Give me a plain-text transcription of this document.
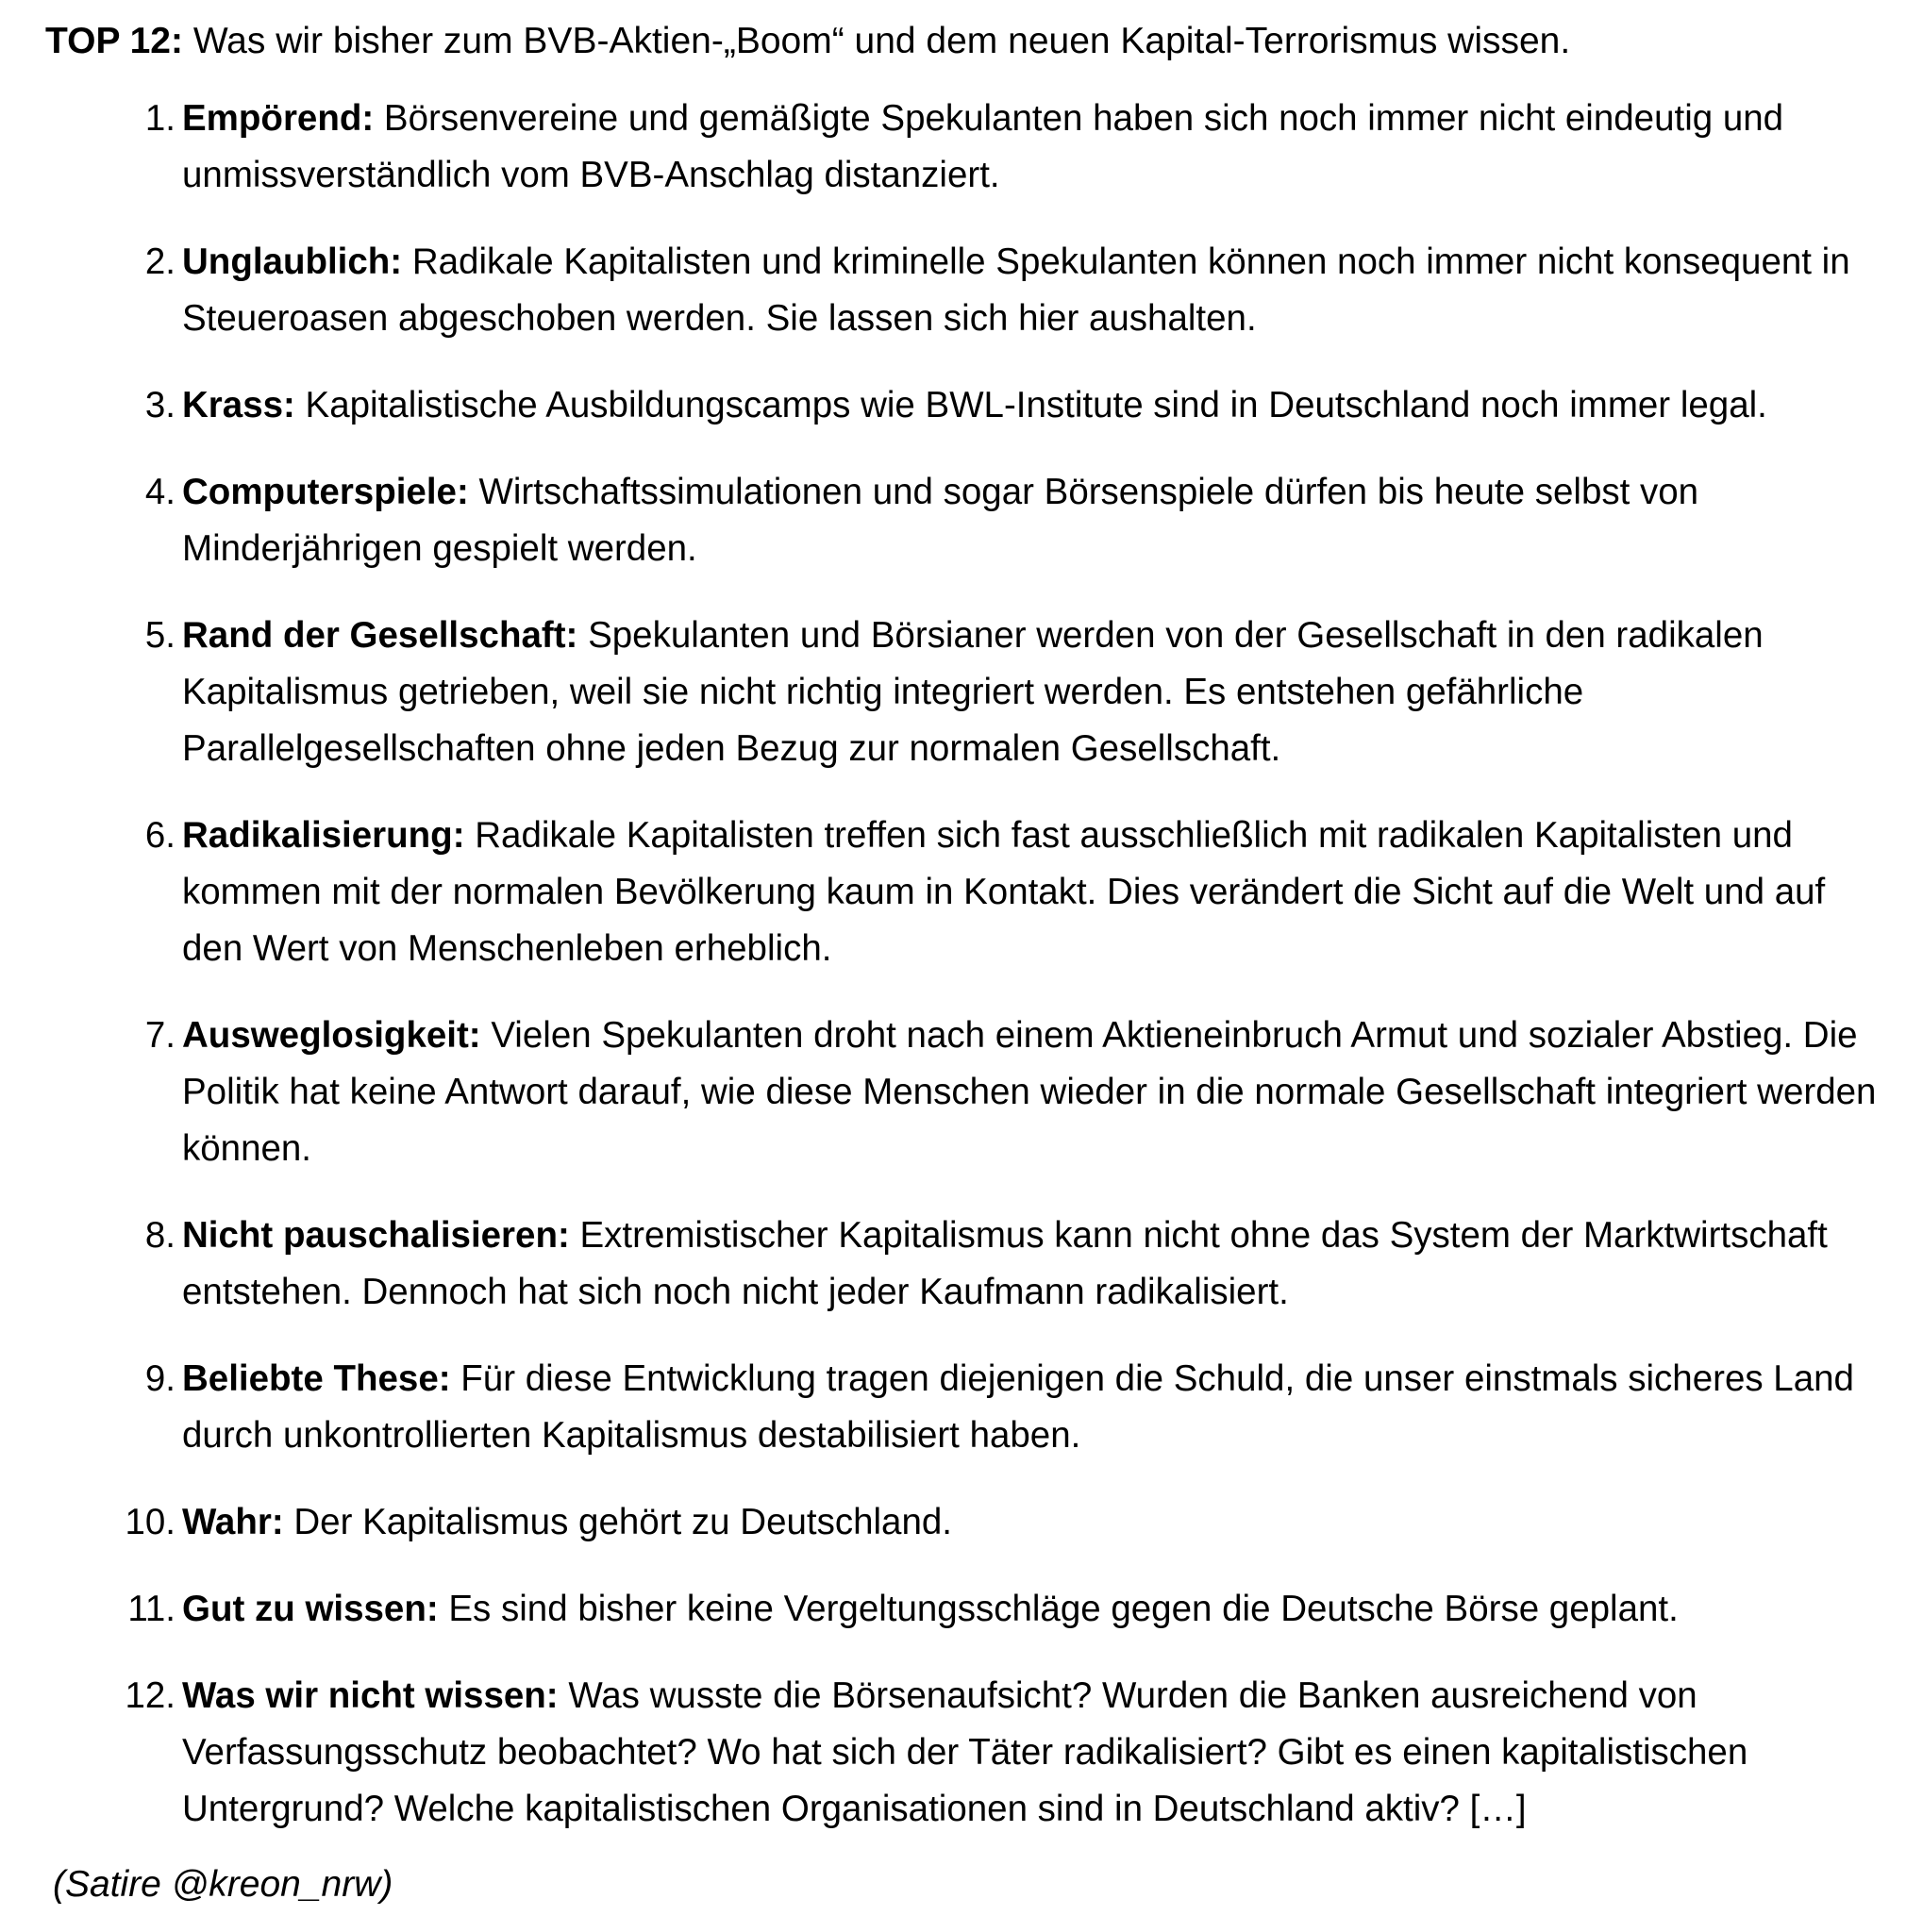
TOP 12: Was wir bisher zum BVB-Aktien-„Boom“ und dem neuen Kapital-Terrorismus wissen.
1. Empörend: Börsenvereine und gemäßigte Spekulanten haben sich noch immer nicht eindeutig und unmissverständlich vom BVB-Anschlag distanziert.
2. Unglaublich: Radikale Kapitalisten und kriminelle Spekulanten können noch immer nicht konsequent in Steueroasen abgeschoben werden. Sie lassen sich hier aushalten.
3. Krass: Kapitalistische Ausbildungscamps wie BWL-Institute sind in Deutschland noch immer legal.
4. Computerspiele: Wirtschaftssimulationen und sogar Börsenspiele dürfen bis heute selbst von Minderjährigen gespielt werden.
5. Rand der Gesellschaft: Spekulanten und Börsianer werden von der Gesellschaft in den radikalen Kapitalismus getrieben, weil sie nicht richtig integriert werden. Es entstehen gefährliche Parallelgesellschaften ohne jeden Bezug zur normalen Gesellschaft.
6. Radikalisierung: Radikale Kapitalisten treffen sich fast ausschließlich mit radikalen Kapitalisten und kommen mit der normalen Bevölkerung kaum in Kontakt. Dies verändert die Sicht auf die Welt und auf den Wert von Menschenleben erheblich.
7. Ausweglosigkeit: Vielen Spekulanten droht nach einem Aktieneinbruch Armut und sozialer Abstieg. Die Politik hat keine Antwort darauf, wie diese Menschen wieder in die normale Gesellschaft integriert werden können.
8. Nicht pauschalisieren: Extremistischer Kapitalismus kann nicht ohne das System der Marktwirtschaft entstehen. Dennoch hat sich noch nicht jeder Kaufmann radikalisiert.
9. Beliebte These: Für diese Entwicklung tragen diejenigen die Schuld, die unser einstmals sicheres Land durch unkontrollierten Kapitalismus destabilisiert haben.
10. Wahr: Der Kapitalismus gehört zu Deutschland.
11. Gut zu wissen: Es sind bisher keine Vergeltungsschläge gegen die Deutsche Börse geplant.
12. Was wir nicht wissen: Was wusste die Börsenaufsicht? Wurden die Banken ausreichend von Verfassungsschutz beobachtet? Wo hat sich der Täter radikalisiert? Gibt es einen kapitalistischen Untergrund? Welche kapitalistischen Organisationen sind in Deutschland aktiv? […]
(Satire @kreon_nrw)
